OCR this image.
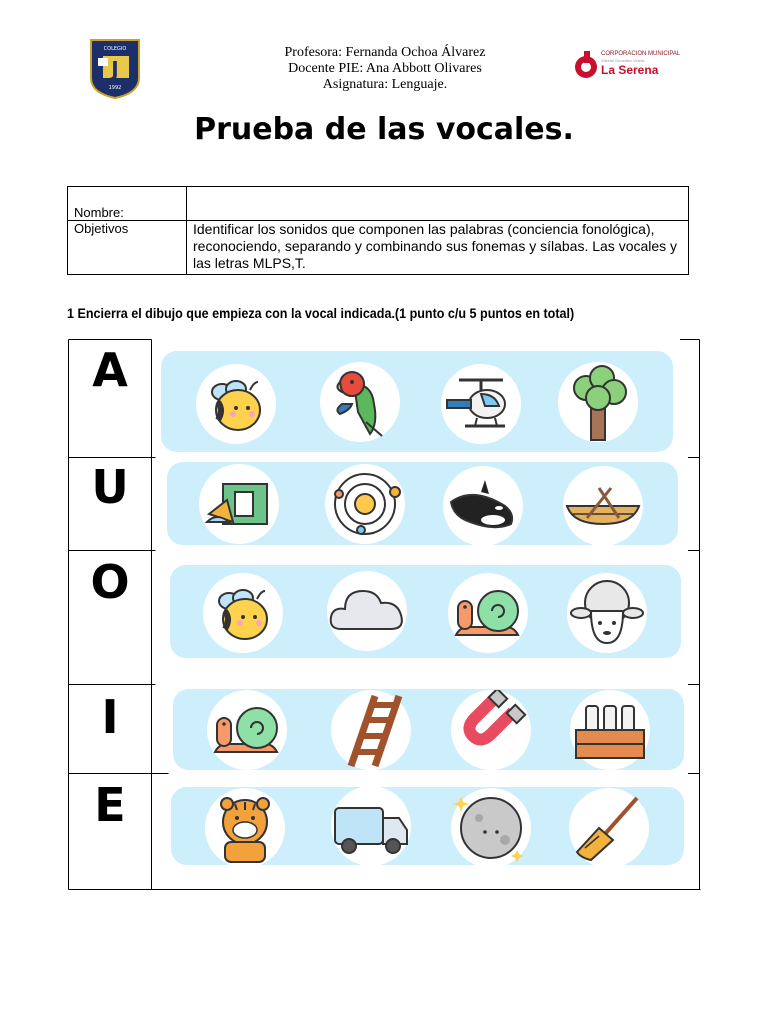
J
COLEGIO
1992
Profesora: Fernanda Ochoa Álvarez
Docente PIE: Ana Abbott Olivares
Asignatura: Lenguaje.
CORPORACION MUNICIPAL
Gabriel González Videla
La Serena
Prueba de las vocales.
Nombre:	
Objetivos	Identificar los sonidos que componen las palabras (conciencia fonológica), reconociendo, separando y combinando sus fonemas y sílabas. Las vocales y las letras MLPS,T.
1 Encierra el dibujo que empieza con la vocal indicada.(1 punto c/u 5 puntos en total)
A
U
O
I
E
